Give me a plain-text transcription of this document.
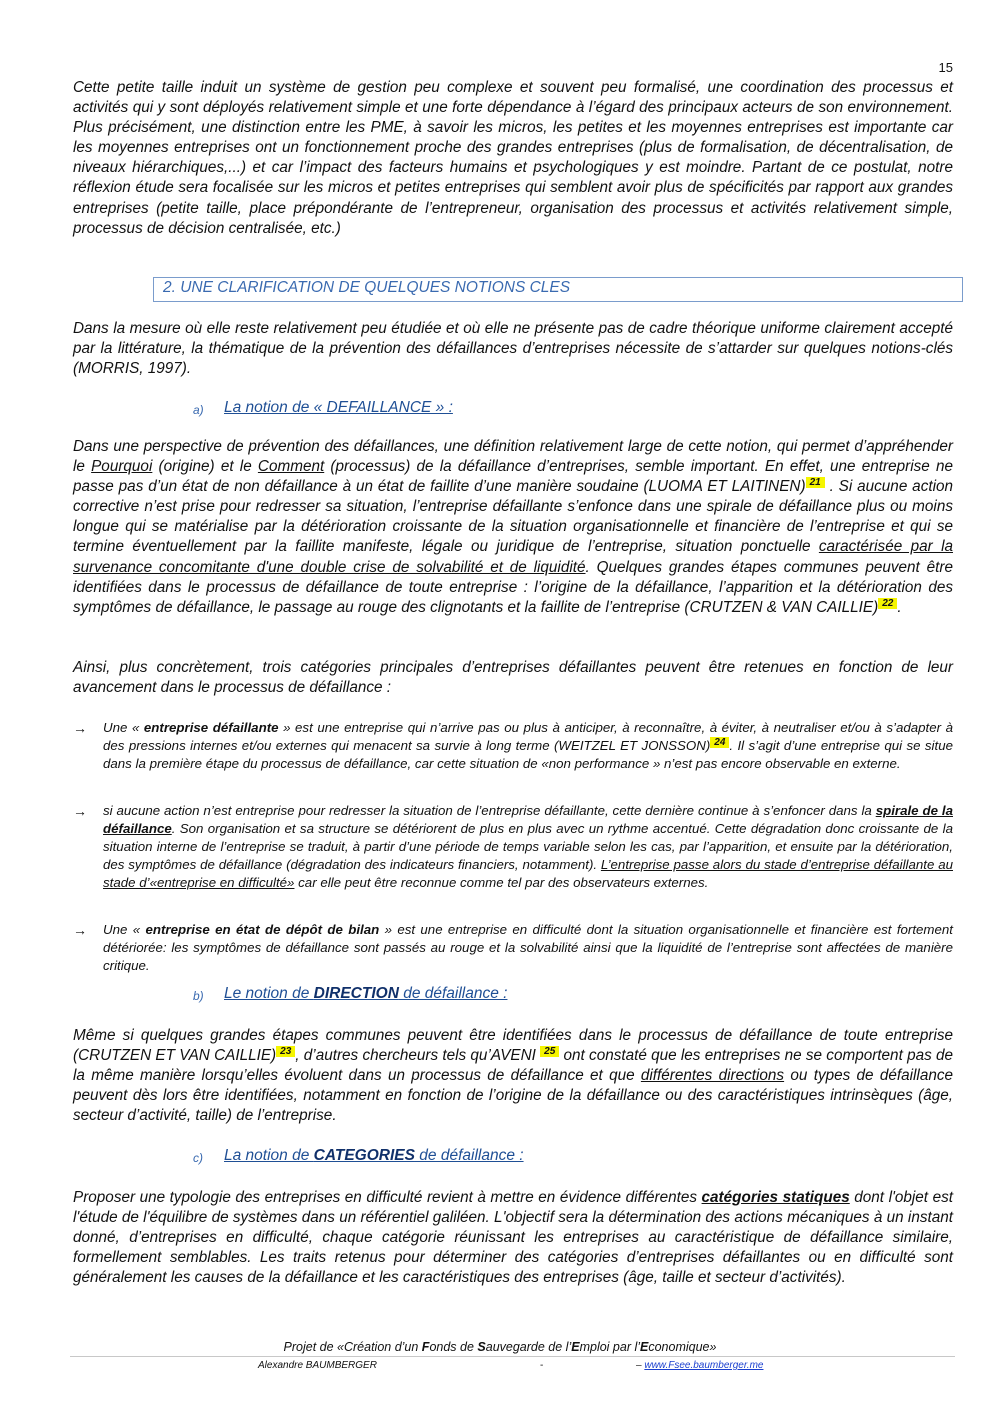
15

Cette petite taille induit un système de gestion peu complexe et souvent peu formalisé, une coordination des processus et activités qui y sont déployés relativement simple et une forte dépendance à l’égard des principaux acteurs de son environnement. Plus précisément, une distinction entre les PME, à savoir les micros, les petites et les moyennes entreprises est importante car les moyennes entreprises ont un fonctionnement proche des grandes entreprises (plus de formalisation, de décentralisation, de niveaux hiérarchiques,...) et car l’impact des facteurs humains et psychologiques y est moindre. Partant de ce postulat, notre réflexion étude sera focalisée sur les micros et petites entreprises qui semblent avoir plus de spécificités par rapport aux grandes entreprises (petite taille, place prépondérante de l’entrepreneur, organisation des processus et activités relativement simple, processus de décision centralisée, etc.)

2. UNE CLARIFICATION DE QUELQUES NOTIONS CLES

Dans la mesure où elle reste relativement peu étudiée et où elle ne présente pas de cadre théorique uniforme clairement accepté par la littérature, la thématique de la prévention des défaillances d’entreprises nécessite de s’attarder sur quelques notions-clés (MORRIS, 1997).

a) La notion de « DEFAILLANCE » :

Dans une perspective de prévention des défaillances, une définition relativement large de cette notion, qui permet d’appréhender le Pourquoi (origine) et le Comment (processus) de la défaillance d’entreprises, semble important. En effet, une entreprise ne passe pas d’un état de non défaillance à un état de faillite d’une manière soudaine (LUOMA ET LAITINEN) $^{21}$ . Si aucune action corrective n’est prise pour redresser sa situation, l’entreprise défaillante s’enfonce dans une spirale de défaillance plus ou moins longue qui se matérialise par la détérioration croissante de la situation organisationnelle et financière de l’entreprise et qui se termine éventuellement par la faillite manifeste, légale ou juridique de l’entreprise, situation ponctuelle caractérisée par la survenance concomitante d'une double crise de solvabilité et de liquidité. Quelques grandes étapes communes peuvent être identifiées dans le processus de défaillance de toute entreprise : l’origine de la défaillance, l’apparition et la détérioration des symptômes de défaillance, le passage au rouge des clignotants et la faillite de l’entreprise (CRUTZEN & VAN CAILLIE) $^{22}$ .

Ainsi, plus concrètement, trois catégories principales d’entreprises défaillantes peuvent être retenues en fonction de leur avancement dans le processus de défaillance :

→ Une « entreprise défaillante » est une entreprise qui n’arrive pas ou plus à anticiper, à reconnaître, à éviter, à neutraliser et/ou à s’adapter à des pressions internes et/ou externes qui menacent sa survie à long terme (WEITZEL ET JONSSON) $^{24}$ . Il s’agit d’une entreprise qui se situe dans la première étape du processus de défaillance, car cette situation de «non performance » n’est pas encore observable en externe.

→ si aucune action n’est entreprise pour redresser la situation de l’entreprise défaillante, cette dernière continue à s’enfoncer dans la spirale de la défaillance. Son organisation et sa structure se détériorent de plus en plus avec un rythme accentué. Cette dégradation donc croissante de la situation interne de l’entreprise se traduit, à partir d’une période de temps variable selon les cas, par l’apparition, et ensuite par la détérioration, des symptômes de défaillance (dégradation des indicateurs financiers, notamment). L’entreprise passe alors du stade d’entreprise défaillante au stade d’«entreprise en difficulté» car elle peut être reconnue comme tel par des observateurs externes.

→ Une « entreprise en état de dépôt de bilan » est une entreprise en difficulté dont la situation organisationnelle et financière est fortement détériorée: les symptômes de défaillance sont passés au rouge et la solvabilité ainsi que la liquidité de l’entreprise sont affectées de manière critique.

b) Le notion de DIRECTION de défaillance :

Même si quelques grandes étapes communes peuvent être identifiées dans le processus de défaillance de toute entreprise (CRUTZEN ET VAN CAILLIE) $^{23}$ , d’autres chercheurs tels qu’AVENI $^{25}$ ont constaté que les entreprises ne se comportent pas de la même manière lorsqu’elles évoluent dans un processus de défaillance et que différentes directions ou types de défaillance peuvent dès lors être identifiées, notamment en fonction de l’origine de la défaillance ou des caractéristiques intrinsèques (âge, secteur d’activité, taille) de l’entreprise.

c) La notion de CATEGORIES de défaillance :

Proposer une typologie des entreprises en difficulté revient à mettre en évidence différentes catégories statiques dont l'objet est l'étude de l'équilibre de systèmes dans un référentiel galiléen. L'objectif sera la détermination des actions mécaniques à un instant donné, d’entreprises en difficulté, chaque catégorie réunissant les entreprises au caractéristique de défaillance similaire, formellement semblables. Les traits retenus pour déterminer des catégories d’entreprises défaillantes ou en difficulté sont généralement les causes de la défaillance et les caractéristiques des entreprises (âge, taille et secteur d’activités).

Projet de «Création d’un Fonds de Sauvegarde de l’Emploi par l’Economique»
Alexandre BAUMBERGER	-	– www.Fsee.baumberger.me
